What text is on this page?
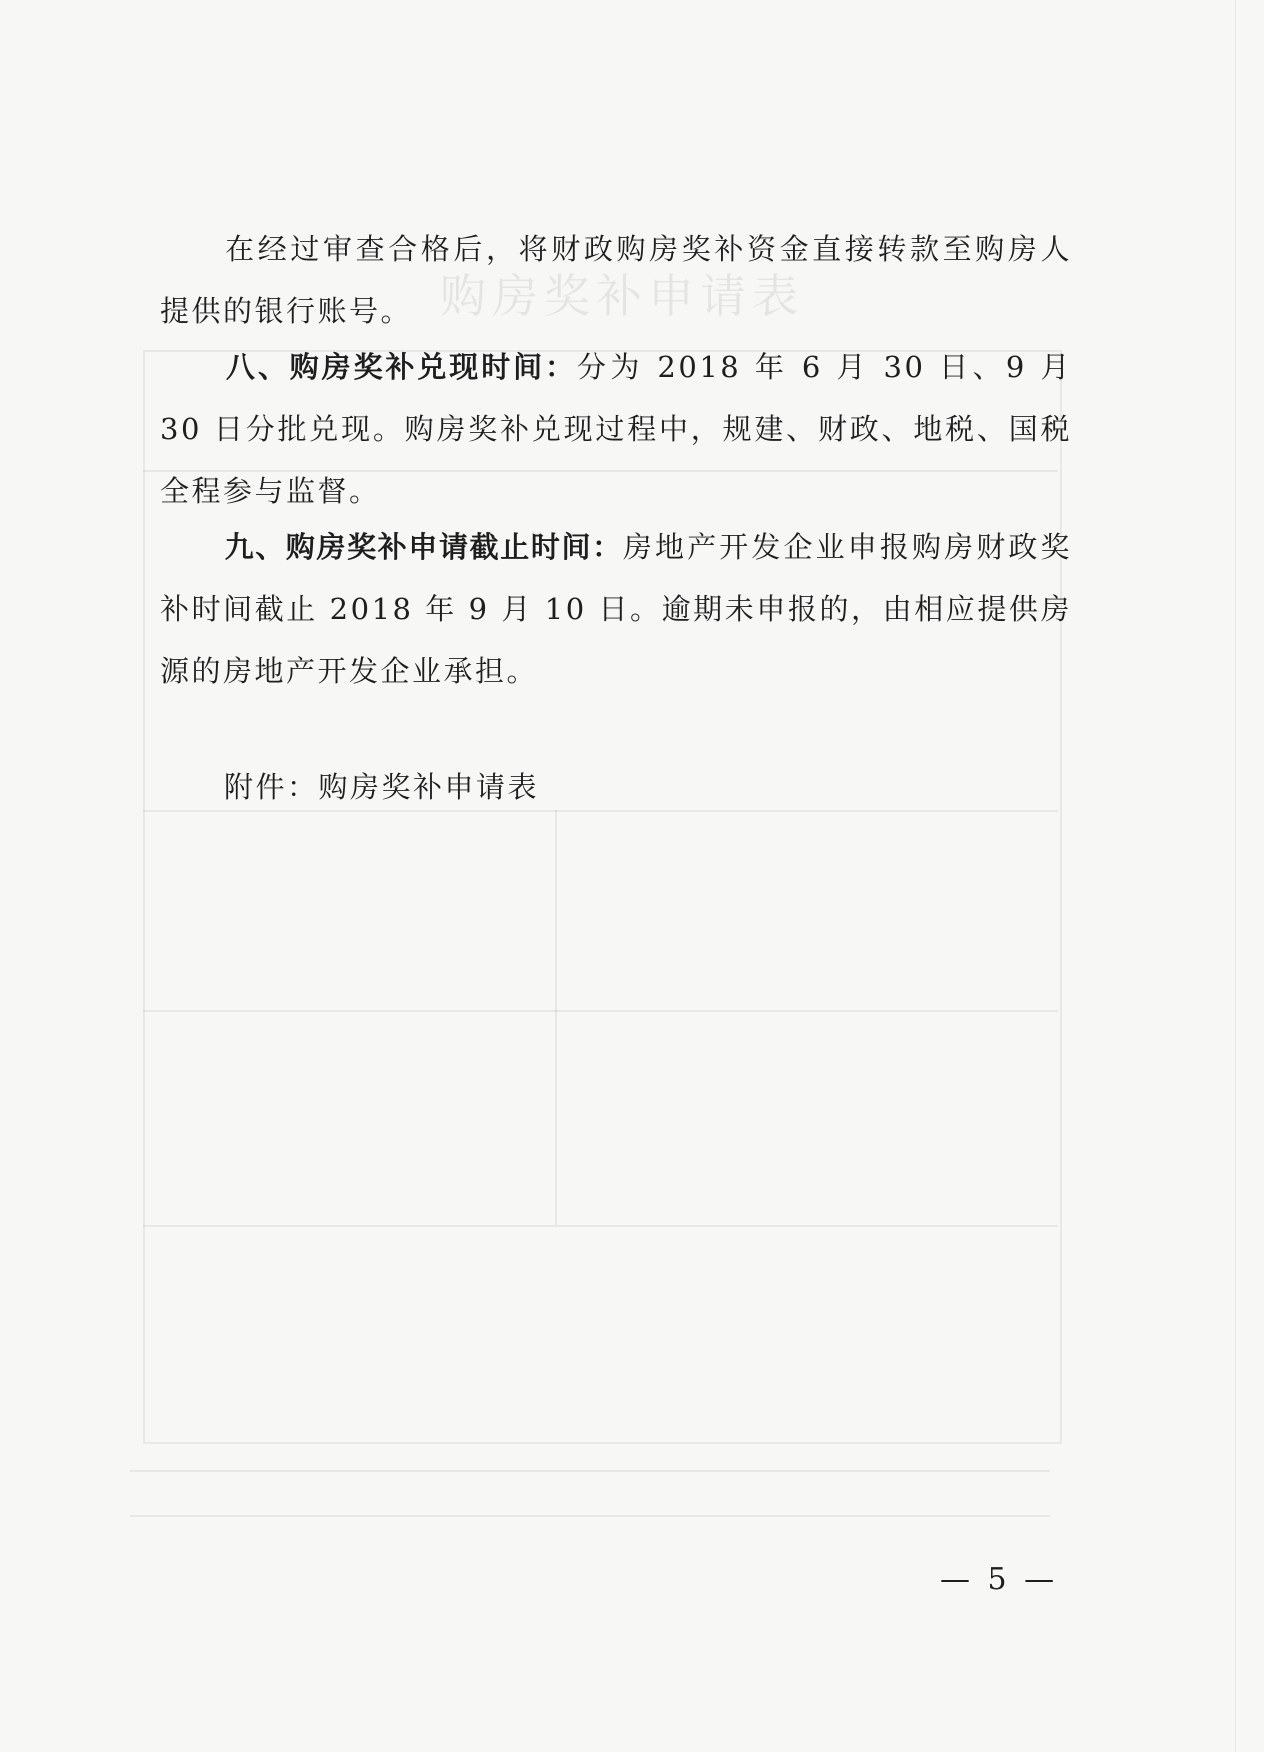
购房奖补申请表

在经过审查合格后，将财政购房奖补资金直接转款至购房人提供的银行账号。

八、购房奖补兑现时间：分为 2018 年 6 月 30 日、9 月 30 日分批兑现。购房奖补兑现过程中，规建、财政、地税、国税全程参与监督。

九、购房奖补申请截止时间：房地产开发企业申报购房财政奖补时间截止 2018 年 9 月 10 日。逾期未申报的，由相应提供房源的房地产开发企业承担。

附件：购房奖补申请表

— 5 —
